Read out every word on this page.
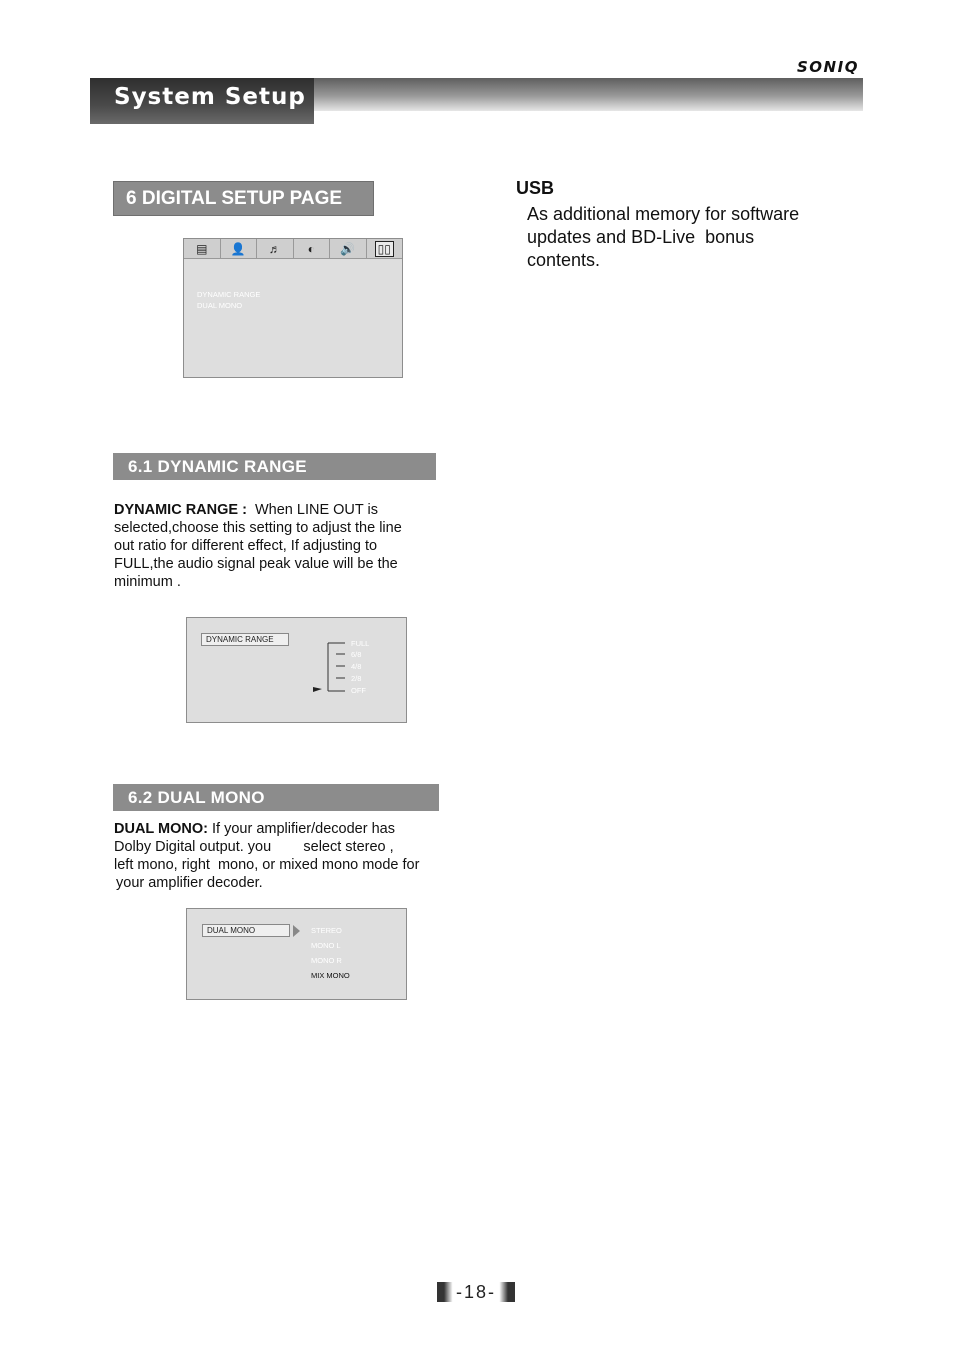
SONIQ
System Setup
6 DIGITAL SETUP PAGE
▤ 👤 ♬ ◐ 🔊 ▯▯
DYNAMIC RANGE
DUAL MONO
6.1 DYNAMIC RANGE
DYNAMIC RANGE : When LINE OUT is
selected,choose this setting to adjust the line
out ratio for different effect, If adjusting to
FULL,the audio signal peak value will be the
minimum .
DYNAMIC RANGE	FULL
6/8
4/8
2/8
OFF
6.2 DUAL MONO
DUAL MONO: If your amplifier/decoder has
Dolby Digital output. you        select stereo ,
left mono, right  mono, or mixed mono mode for
your amplifier decoder.
DUAL MONO	STEREO
MONO L
MONO R
MIX MONO
USB
As additional memory for software
updates and BD-Live  bonus
contents.
-18-
